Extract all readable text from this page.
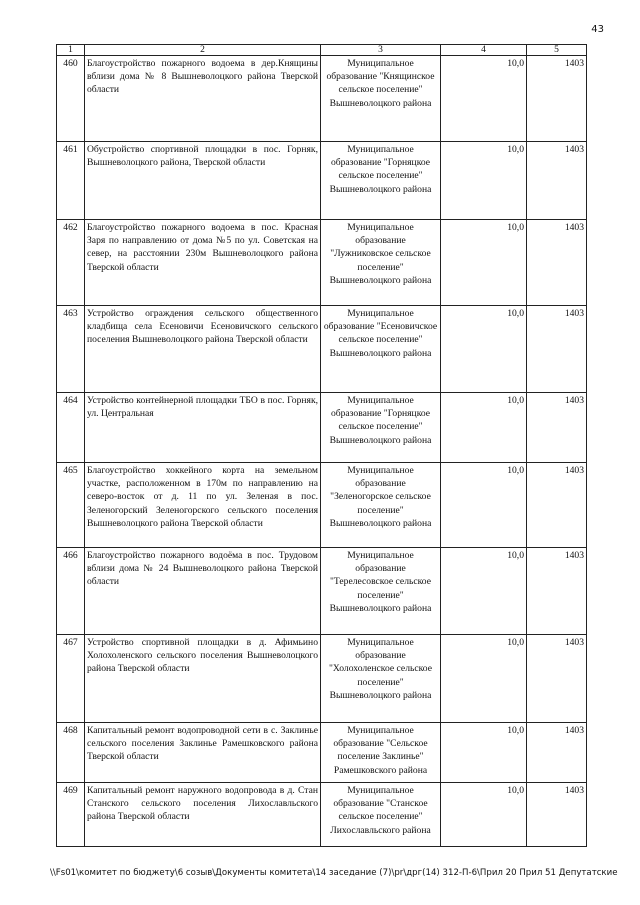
43
1	2	3	4	5
460	Благоустройство пожарного водоема в дер.Княщины вблизи дома № 8 Вышневолоцкого района Тверской области	Муниципальное образование "Княщинское сельское поселение" Вышневолоцкого района	10,0	1403
461	Обустройство спортивной площадки в пос. Горняк, Вышневолоцкого района, Тверской области	Муниципальное образование "Горняцкое сельское поселение" Вышневолоцкого района	10,0	1403
462	Благоустройство пожарного водоема в пос. Красная Заря по направлению от дома №5 по ул. Советская на север, на расстоянии 230м Вышневолоцкого района Тверской области	Муниципальное образование "Лужниковское сельское поселение" Вышневолоцкого района	10,0	1403
463	Устройство ограждения сельского общественного кладбища села Есеновичи Есеновичского сельского поселения Вышневолоцкого района Тверской области	Муниципальное образование "Есеновичское сельское поселение" Вышневолоцкого района	10,0	1403
464	Устройство контейнерной площадки ТБО в пос. Горняк, ул. Центральная	Муниципальное образование "Горняцкое сельское поселение" Вышневолоцкого района	10,0	1403
465	Благоустройство хоккейного корта на земельном участке, расположенном в 170м по направлению на северо-восток от д. 11 по ул. Зеленая в пос. Зеленогорский Зеленогорского сельского поселения Вышневолоцкого района Тверской области	Муниципальное образование "Зеленогорское сельское поселение" Вышневолоцкого района	10,0	1403
466	Благоустройство пожарного водоёма в пос. Трудовом вблизи дома № 24 Вышневолоцкого района Тверской области	Муниципальное образование "Терелесовское сельское поселение" Вышневолоцкого района	10,0	1403
467	Устройство спортивной площадки в д. Афимьино Холохоленского сельского поселения Вышневолоцкого района Тверской области	Муниципальное образование "Холохоленское сельское поселение" Вышневолоцкого района	10,0	1403
468	Капитальный ремонт водопроводной сети в с. Заклинье сельского поселения Заклинье Рамешковского района Тверской области	Муниципальное образование "Сельское поселение Заклинье" Рамешковского района	10,0	1403
469	Капитальный ремонт наружного водопровода в д. Стан Станского сельского поселения Лихославльского района Тверской области	Муниципальное образование "Станское сельское поселение" Лихославльского района	10,0	1403
\\Fs01\комитет по бюджету\6 созыв\Документы комитета\14 заседание (7)\pr\дрг(14) 312-П-6\Прил 20 Прил 51 Депутатские
